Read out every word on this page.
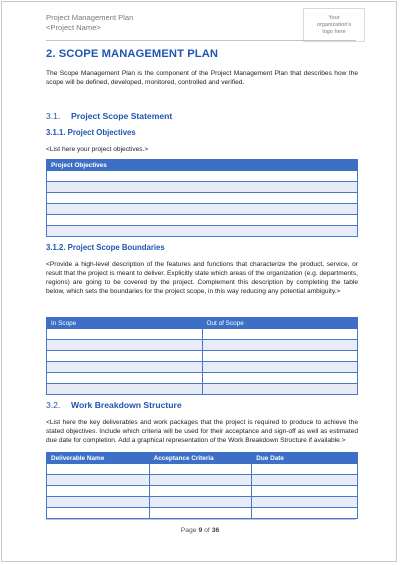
Project Management Plan
<Project Name>
Your
organization's
logo here
2. SCOPE MANAGEMENT PLAN
The Scope Management Plan is the component of the Project Management Plan that describes how the scope will be defined, developed, monitored, controlled and verified.
3.1. Project Scope Statement
3.1.1. Project Objectives
<List here your project objectives.>
Project Objectives

3.1.2. Project Scope Boundaries
<Provide a high-level description of the features and functions that characterize the product, service, or result that the project is meant to deliver. Explicitly state which areas of the organization (e.g. departments, regions) are going to be covered by the project. Complement this description by completing the table below, which sets the boundaries for the project scope, in this way reducing any potential ambiguity.>
In Scope	Out of Scope

3.2. Work Breakdown Structure
<List here the key deliverables and work packages that the project is required to produce to achieve the stated objectives. Include which criteria will be used for their acceptance and sign-off as well as estimated due date for completion. Add a graphical representation of the Work Breakdown Structure if available.>
Deliverable Name	Acceptance Criteria	Due Date

Page 9 of 36
